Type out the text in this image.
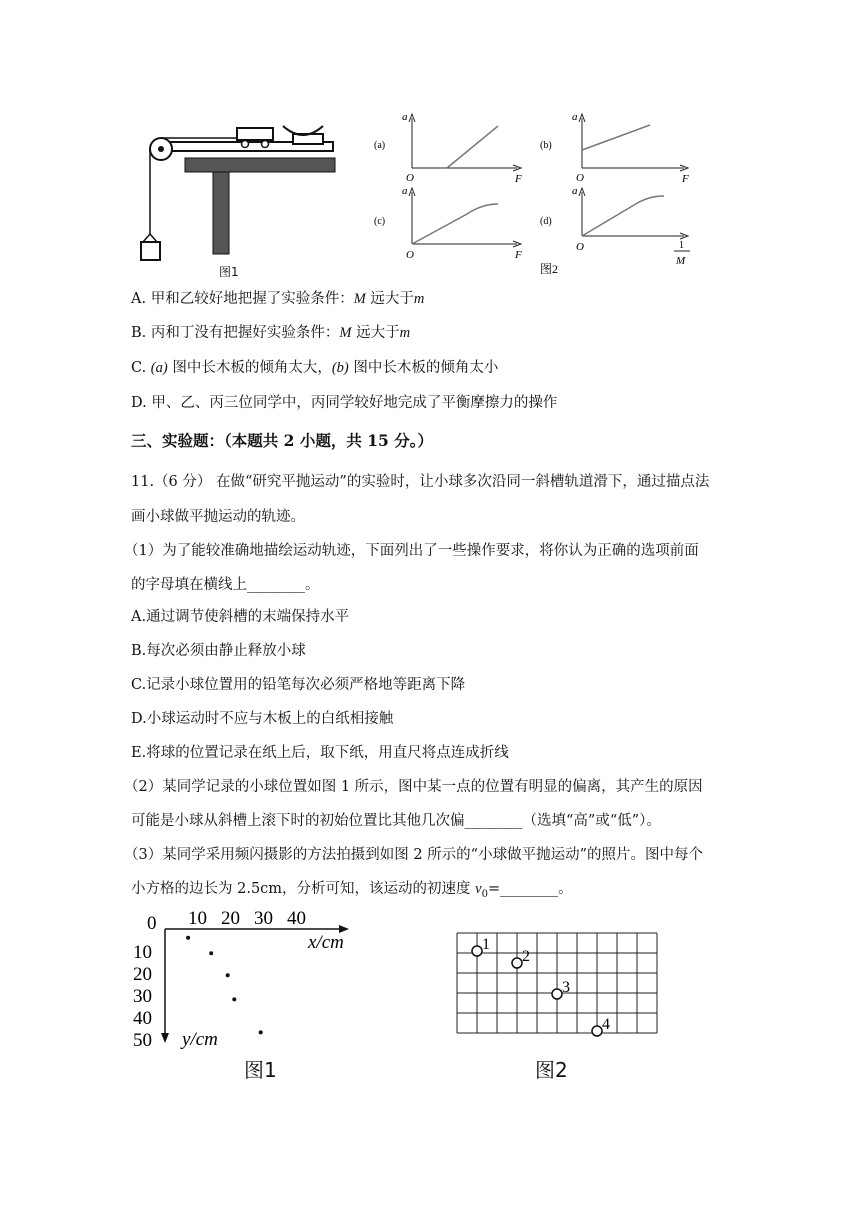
图1
(a)
a
O	F
(b)
a
O	F
(c)
a
O	F
(d)
a
O	1
M
图2
A. 甲和乙较好地把握了实验条件：M 远大于m
B. 丙和丁没有把握好实验条件：M 远大于m
C. (a) 图中长木板的倾角太大，(b) 图中长木板的倾角太小
D. 甲、乙、丙三位同学中，丙同学较好地完成了平衡摩擦力的操作
三、实验题：（本题共 2 小题，共 15 分。）
11.（6 分） 在做“研究平抛运动”的实验时，让小球多次沿同一斜槽轨道滑下，通过描点法
画小球做平抛运动的轨迹。
（1）为了能较准确地描绘运动轨迹，下面列出了一些操作要求，将你认为正确的选项前面
的字母填在横线上________。
A.通过调节使斜槽的末端保持水平
B.每次必须由静止释放小球
C.记录小球位置用的铅笔每次必须严格地等距离下降
D.小球运动时不应与木板上的白纸相接触
E.将球的位置记录在纸上后，取下纸，用直尺将点连成折线
（2）某同学记录的小球位置如图 1 所示，图中某一点的位置有明显的偏离，其产生的原因
可能是小球从斜槽上滚下时的初始位置比其他几次偏________（选填“高”或“低”）。
（3）某同学采用频闪摄影的方法拍摄到如图 2 所示的“小球做平抛运动”的照片。图中每个
小方格的边长为 2.5cm，分析可知，该运动的初速度 $v_0=\_\_\_\_\_\_\_\_$。
0 10 20 30 40
10
20
30
40
50
x/cm
y/cm
图1
1
2
3
4
图2
